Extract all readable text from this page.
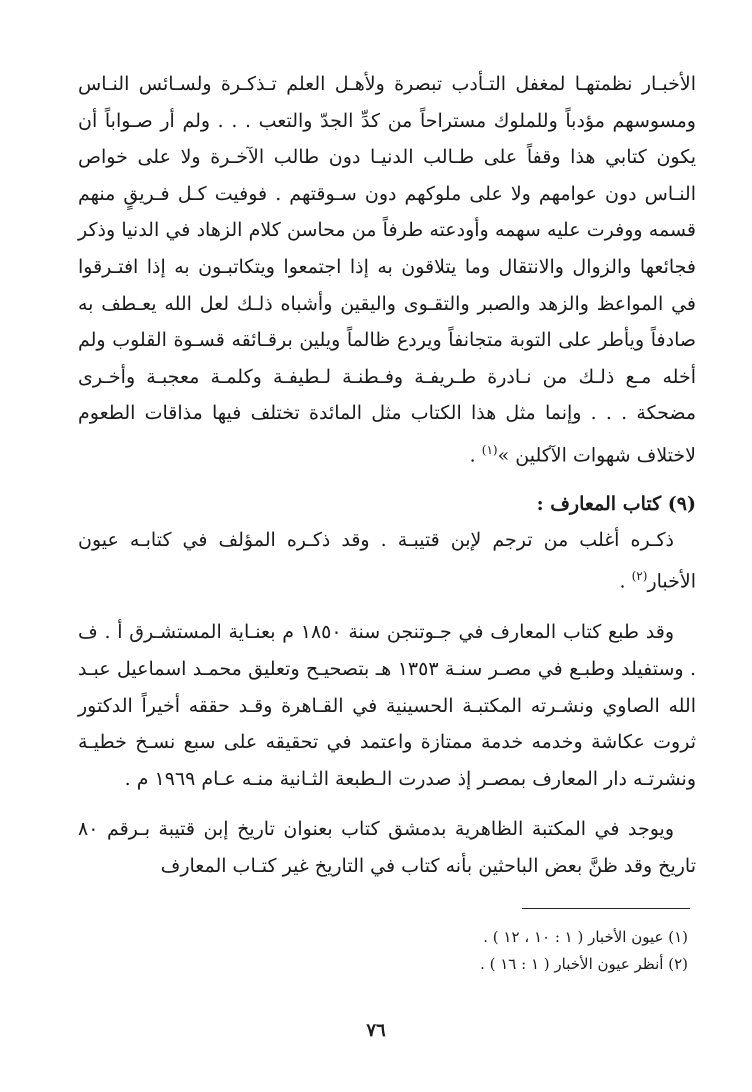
الأخبـار نظمتهـا لمغفل التـأدب تبصرة ولأهـل العلم تـذكـرة ولسـائس النـاس ومسوسهم مؤدباً وللملوك مستراحاً من كدِّ الجدّ والتعب . . . ولم أر صـواباً أن يكون كتابي هذا وقفاً على طـالب الدنيـا دون طالب الآخـرة ولا على خواص النـاس دون عوامهم ولا على ملوكهم دون سـوقتهم . فوفيت كـل فـريقٍ منهم قسمه ووفرت عليه سهمه وأودعته طرفاً من محاسن كلام الزهاد في الدنيا وذكر فجائعها والزوال والانتقال وما يتلاقون به إذا اجتمعوا ويتكاتبـون به إذا افتـرقوا في المواعظ والزهد والصبر والتقـوى واليقين وأشباه ذلـك لعل الله يعـطف به صادفاً ويأطر على التوبة متجانفاً ويردع ظالماً ويلين برقـائقه قسـوة القلوب ولم أخله مـع ذلـك من نـادرة طـريفـة وفـطنـة لـطيفـة وكلمـة معجبـة وأخـرى مضحكة . . . وإنما مثل هذا الكتاب مثل المائدة تختلف فيها مذاقات الطعوم لاختلاف شهوات الآكلين »$^{(١)}$ .

(٩) كتاب المعارف :

ذكـره أغلب من ترجم لإبن قتيبـة . وقد ذكـره المؤلف في كتابـه عيون الأخبار$^{(٢)}$ .

وقد طبع كتاب المعارف في جـوتنجن سنة ١٨٥٠ م بعنـاية المستشـرق أ . ف . وستفيلد وطبـع في مصـر سنـة ١٣٥٣ هـ بتصحيـح وتعليق محمـد اسماعيل عبـد الله الصاوي ونشـرته المكتبـة الحسينية في القـاهرة وقـد حققه أخيراً الدكتور ثروت عكاشة وخدمه خدمة ممتازة واعتمد في تحقيقه على سبع نسـخ خطيـة ونشرتـه دار المعارف بمصـر إذ صدرت الـطبعة الثـانية منـه عـام ١٩٦٩ م .

ويوجد في المكتبة الظاهرية بدمشق كتاب بعنوان تاريخ إبن قتيبة بـرقم ٨٠ تاريخ وقد ظنَّ بعض الباحثين بأنه كتاب في التاريخ غير كتـاب المعارف

(١) عيون الأخبار ( ١ : ١٠ ، ١٢ ) .

(٢) أنظر عيون الأخبار ( ١ : ١٦ ) .

٧٦
